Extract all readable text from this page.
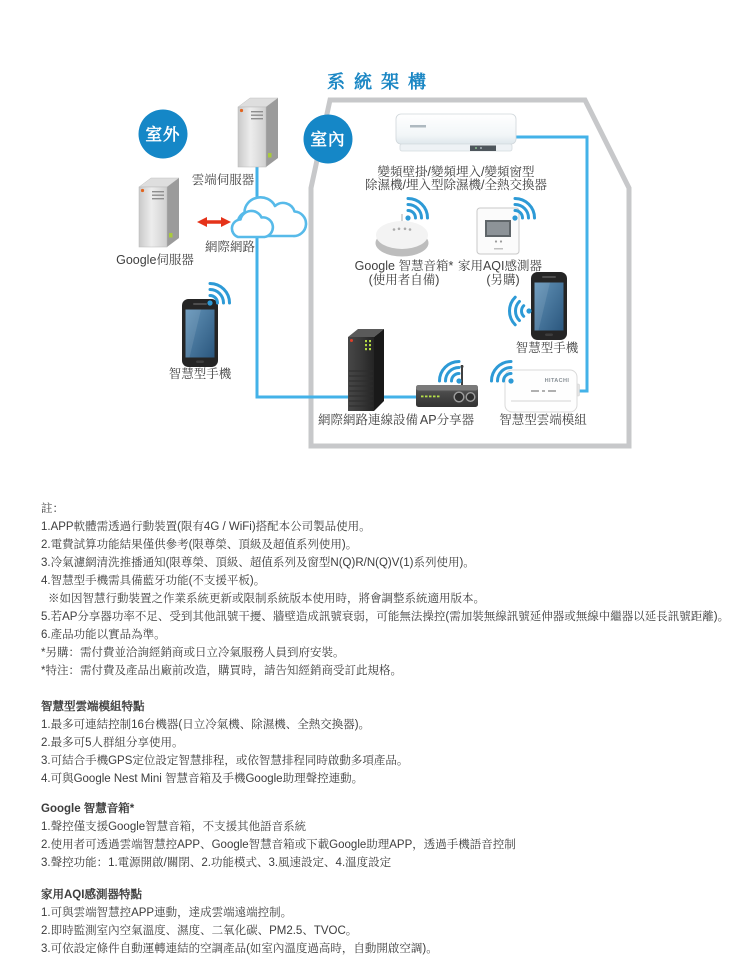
HITACHI
室外	室內
雲端伺服器
Google伺服器
網際網路
智慧型手機
變頻壁掛/變頻埋入/變頻窗型
除濕機/埋入型除濕機/全熱交換器
Google 智慧音箱*
(使用者自備)
家用AQI感測器
(另購)
智慧型手機
網際網路連線設備 AP分享器 智慧型雲端模組
系統架構
註：
1.APP軟體需透過行動裝置(限有4G / WiFi)搭配本公司製品使用。
2.電費試算功能結果僅供參考(限尊榮、頂級及超值系列使用)。
3.冷氣濾網清洗推播通知(限尊榮、頂級、超值系列及窗型N(Q)R/N(Q)V(1)系列使用)。
4.智慧型手機需具備藍牙功能(不支援平板)。
※如因智慧行動裝置之作業系統更新或限制系統版本使用時，將會調整系統適用版本。
5.若AP分享器功率不足、受到其他訊號干擾、牆壁造成訊號衰弱，可能無法操控(需加裝無線訊號延伸器或無線中繼器以延長訊號距離)。
6.產品功能以實品為準。
*另購：需付費並洽詢經銷商或日立冷氣服務人員到府安裝。
*特注：需付費及產品出廠前改造，購買時，請告知經銷商受訂此規格。
智慧型雲端模組特點
1.最多可連結控制16台機器(日立冷氣機、除濕機、全熱交換器)。
2.最多可5人群組分享使用。
3.可結合手機GPS定位設定智慧排程，或依智慧排程同時啟動多項產品。
4.可與Google Nest Mini 智慧音箱及手機Google助理聲控連動。
Google 智慧音箱*
1.聲控僅支援Google智慧音箱，不支援其他語音系統
2.使用者可透過雲端智慧控APP、Google智慧音箱或下載Google助理APP，透過手機語音控制
3.聲控功能：1.電源開啟/關閉、2.功能模式、3.風速設定、4.溫度設定
家用AQI感測器特點
1.可與雲端智慧控APP連動，達成雲端遠端控制。
2.即時監測室內空氣溫度、濕度、二氧化碳、PM2.5、TVOC。
3.可依設定條件自動運轉連結的空調產品(如室內溫度過高時，自動開啟空調)。
